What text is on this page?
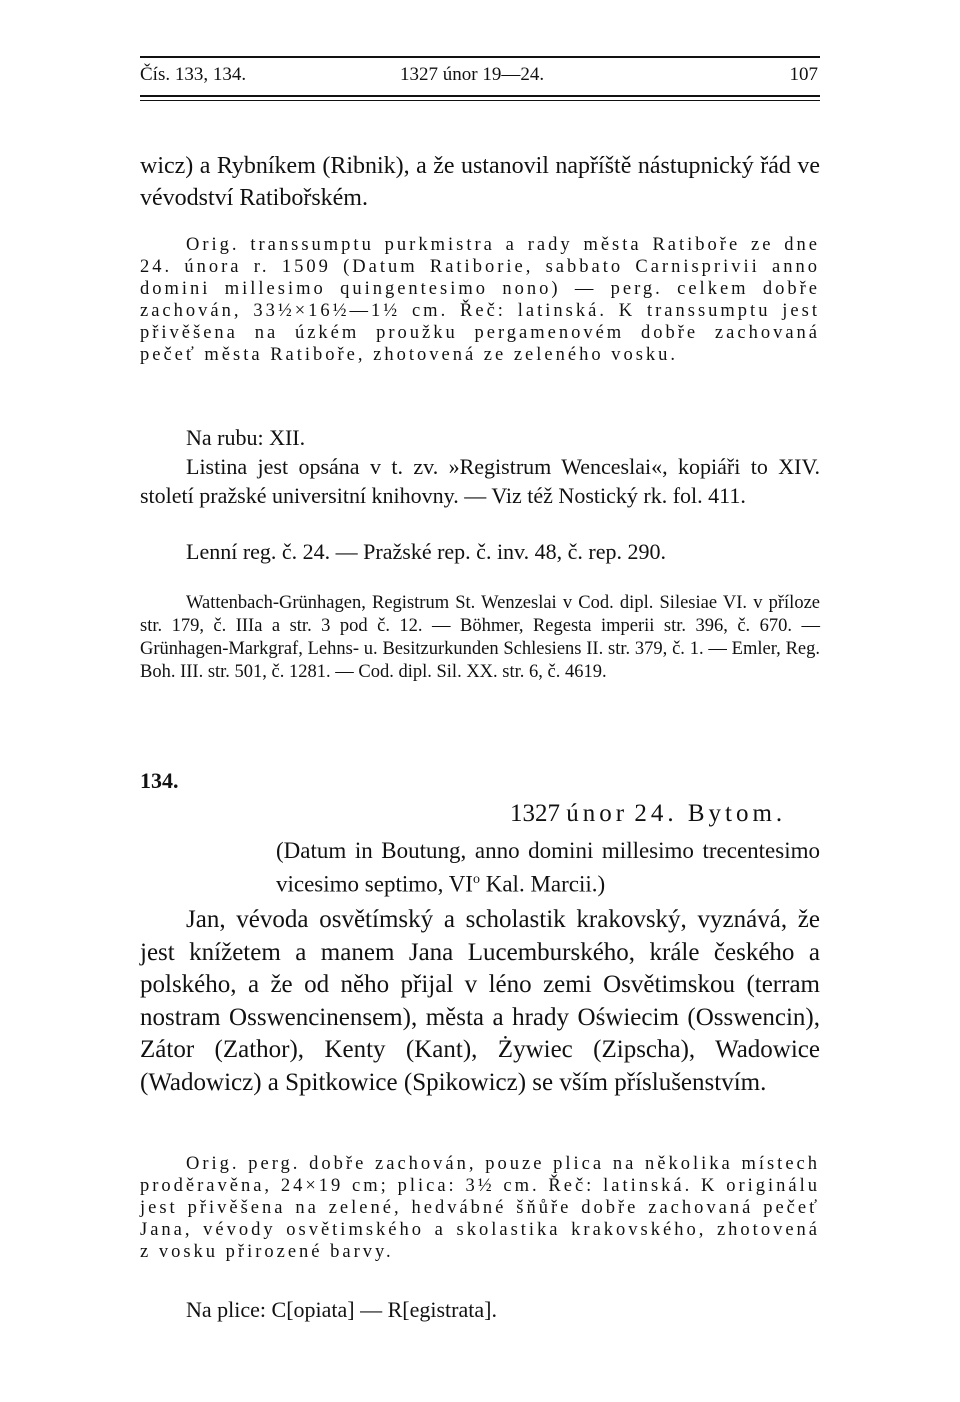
Čís. 133, 134.	1327 únor 19—24.	107

wicz) a Rybníkem (Ribnik), a že ustanovil napříště nástupnický řád ve vévodství Ratibořském.

Orig. transsumptu purkmistra a rady města Ratiboře ze dne 24. února r. 1509 (Datum Ratiborie, sabbato Carnisprivii anno domini millesimo quingentesimo nono) — perg. celkem dobře zachován, 33½×16½—1½ cm. Řeč: latinská. K transsumptu jest přivěšena na úzkém proužku pergamenovém dobře zachovaná pečeť města Ratiboře, zhotovená ze zeleného vosku.

Na rubu: XII.

Listina jest opsána v t. zv. »Registrum Wenceslai«, kopiáři to XIV. století pražské universitní knihovny. — Viz též Nostický rk. fol. 411.

Lenní reg. č. 24. — Pražské rep. č. inv. 48, č. rep. 290.

Wattenbach-Grünhagen, Registrum St. Wenzeslai v Cod. dipl. Silesiae VI. v příloze str. 179, č. IIIa a str. 3 pod č. 12. — Böhmer, Regesta imperii str. 396, č. 670. — Grünhagen-Markgraf, Lehns- u. Besitzurkunden Schlesiens II. str. 379, č. 1. — Emler, Reg. Boh. III. str. 501, č. 1281. — Cod. dipl. Sil. XX. str. 6, č. 4619.

134.

1327 únor 24. Bytom.

(Datum in Boutung, anno domini millesimo trecentesimo vicesimo septimo, $VI^o$ Kal. Marcii.)

Jan, vévoda osvětímský a scholastik krakovský, vyznává, že jest knížetem a manem Jana Lucemburského, krále českého a polského, a že od něho přijal v léno zemi Osvětimskou (terram nostram Osswencinensem), města a hrady Oświecim (Osswencin), Zátor (Zathor), Kenty (Kant), Żywiec (Zipscha), Wadowice (Wadowicz) a Spitkowice (Spikowicz) se vším příslušenstvím.

Orig. perg. dobře zachován, pouze plica na několika místech proděravěna, 24×19 cm; plica: 3½ cm. Řeč: latinská. K originálu jest přivěšena na zelené, hedvábné šňůře dobře zachovaná pečeť Jana, vévody osvětimského a skolastika krakovského, zhotovená z vosku přirozené barvy.

Na plice: C[opiata] — R[egistrata].
